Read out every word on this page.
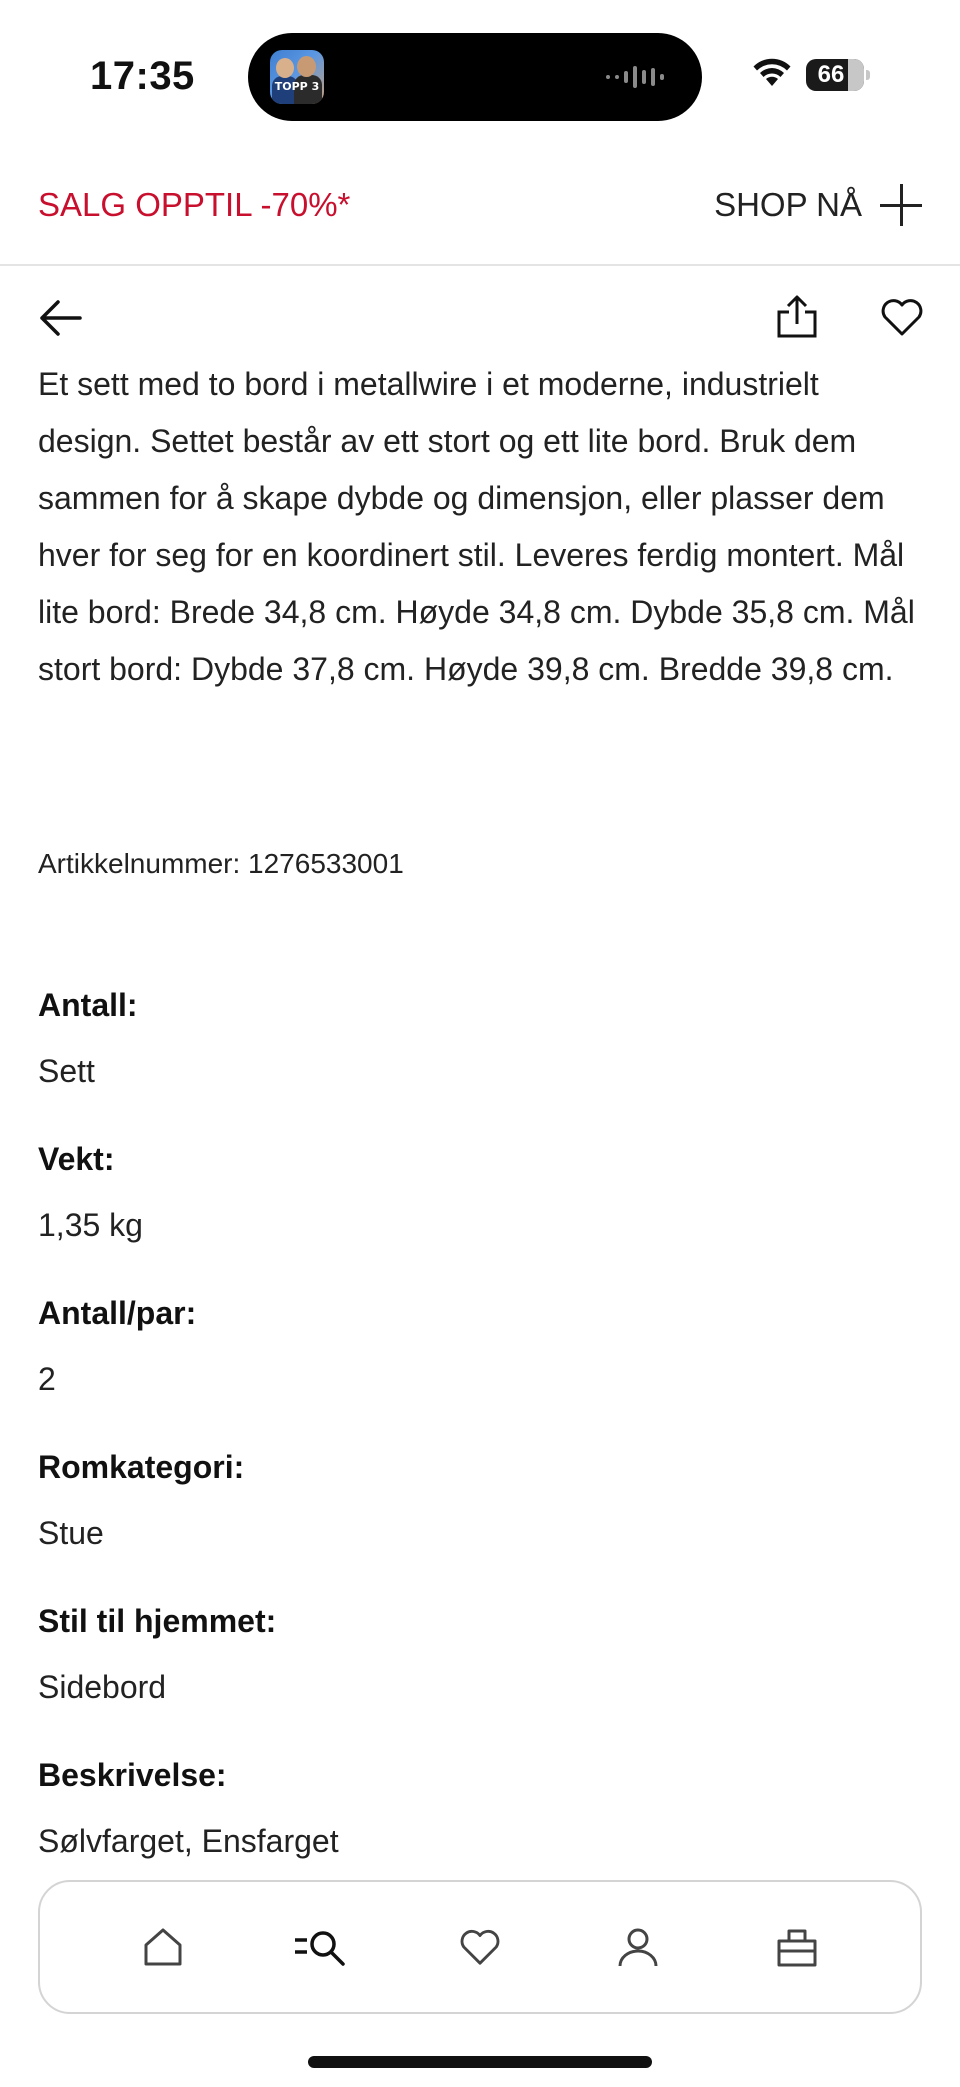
17:35	TOPP 3	66
SALG OPPTIL -70%*	SHOP NÅ

Et sett med to bord i metallwire i et moderne, industrielt design. Settet består av ett stort og ett lite bord. Bruk dem sammen for å skape dybde og dimensjon, eller plasser dem hver for seg for en koordinert stil. Leveres ferdig montert. Mål lite bord: Brede 34,8 cm. Høyde 34,8 cm. Dybde 35,8 cm. Mål stort bord: Dybde 37,8 cm. Høyde 39,8 cm. Bredde 39,8 cm.

Artikkelnummer: 1276533001
Antall:
Sett
Vekt:
1,35 kg
Antall/par:
2
Romkategori:
Stue
Stil til hjemmet:
Sidebord
Beskrivelse:
Sølvfarget, Ensfarget
